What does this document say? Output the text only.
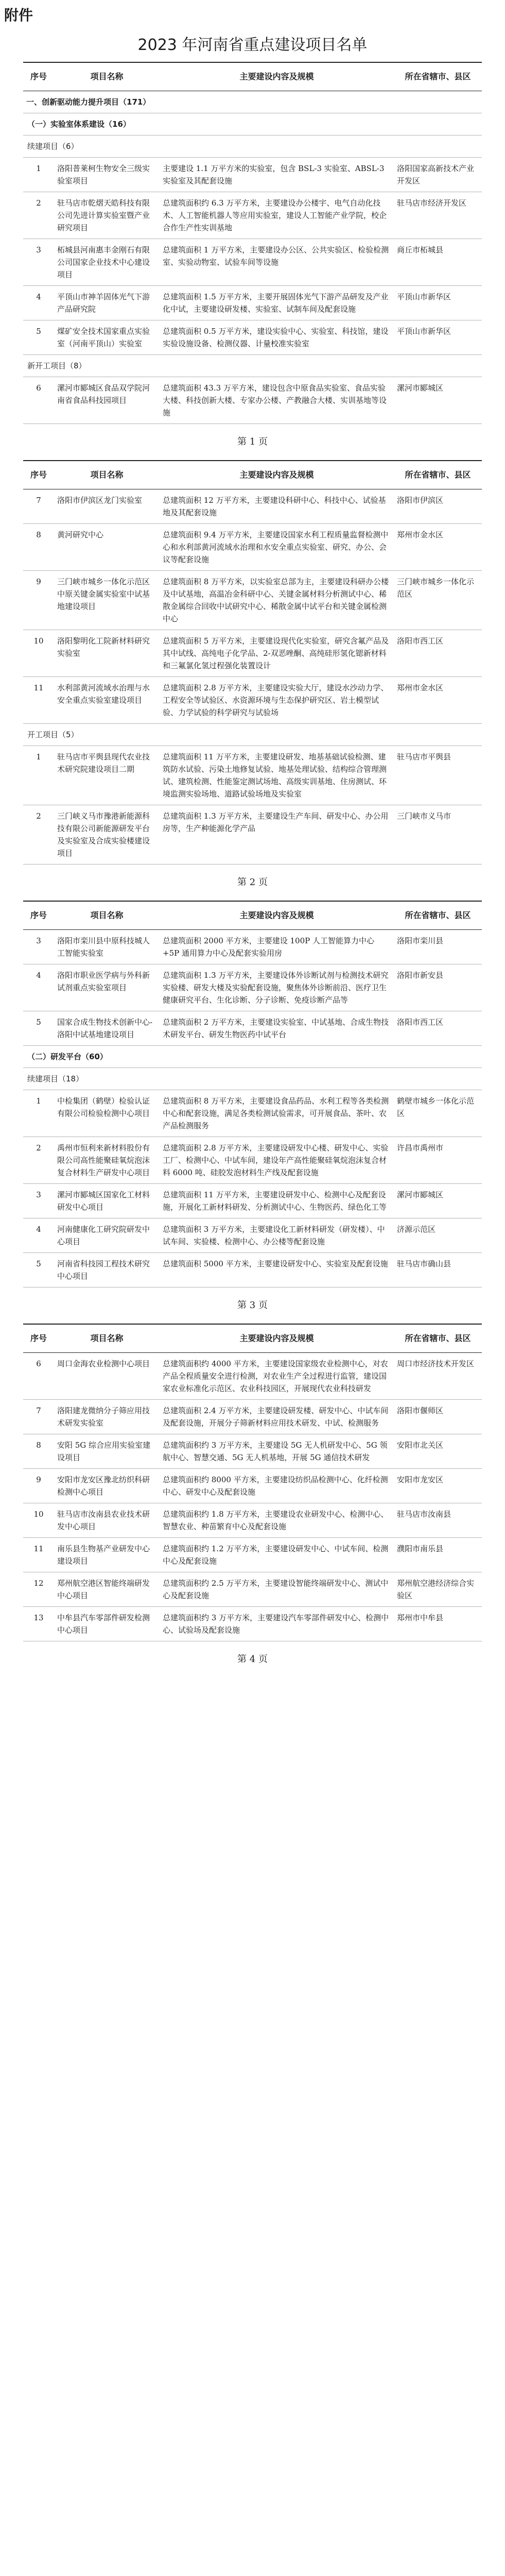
附件
2023 年河南省重点建设项目名单
序号	项目名称	主要建设内容及规模	所在省辖市、县区
一、创新驱动能力提升项目（171）			
（一）实验室体系建设（16）			
续建项目（6）			
1	洛阳普莱柯生物安全三级实验室项目	主要建设 1.1 万平方米的实验室，包含 BSL-3 实验室、ABSL-3 实验室及其配套设施	洛阳国家高新技术产业开发区
2	驻马店市乾熠天皓科技有限公司先进计算实验室暨产业研究项目	总建筑面积约 6.3 万平方米，主要建设办公楼宇、电气自动化技术、人工智能机器人等应用实验室，建设人工智能产业学院，校企合作生产性实训基地	驻马店市经济开发区
3	柘城县河南惠丰金刚石有限公司国家企业技术中心建设项目	总建筑面积 1 万平方米，主要建设办公区、公共实验区、检验检测室、实验动物室、试验车间等设施	商丘市柘城县
4	平顶山市神羊固体光气下游产品研究院	总建筑面积 1.5 万平方米，主要开展固体光气下游产品研发及产业化中试，主要建设研发楼、实验室、试制车间及配套设施	平顶山市新华区
5	煤矿安全技术国家重点实验室（河南平顶山）实验室	总建筑面积 0.5 万平方米，建设实验中心、实验室、科技馆，建设实验设施设备、检测仪器、计量校准实验室	平顶山市新华区
新开工项目（8）			
6	漯河市郾城区食品双学院河南省食品科技园项目	总建筑面积 43.3 万平方米，建设包含中原食品实验室、食品实验大楼、科技创新大楼、专家办公楼、产教融合大楼、实训基地等设施	漯河市郾城区
第 1 页
序号	项目名称	主要建设内容及规模	所在省辖市、县区
7	洛阳市伊滨区龙门实验室	总建筑面积 12 万平方米，主要建设科研中心、科技中心、试验基地及其配套设施	洛阳市伊滨区
8	黄河研究中心	总建筑面积 9.4 万平方米，主要建设国家水利工程质量监督检测中心和水利部黄河流域水治理和水安全重点实验室、研究、办公、会议等配套设施	郑州市金水区
9	三门峡市城乡一体化示范区中原关键金属实验室中试基地建设项目	总建筑面积 8 万平方米，以实验室总部为主，主要建设科研办公楼及中试基地，高温冶金科研中心、关键金属材料分析测试中心、稀散金属综合回收中试研究中心、稀散金属中试平台和关键金属检测中心	三门峡市城乡一体化示范区
10	洛阳黎明化工院新材料研究实验室	总建筑面积 5 万平方米，主要建设现代化实验室，研究含氟产品及其中试线、高纯电子化学品、2-双恶唑酮、高纯硅形氢化锶新材料和三氟氯化氢过程强化装置设计	洛阳市西工区
11	水利部黄河流域水治理与水安全重点实验室建设项目	总建筑面积 2.8 万平方米，主要建设实验大厅，建设水沙动力学、工程安全等试验区、水资源环境与生态保护研究区、岩土模型试验、力学试验的科学研究与试验场	郑州市金水区
开工项目（5）			
1	驻马店市平舆县现代农业技术研究院建设项目二期	总建筑面积 11 万平方米，主要建设研发、地基基础试验检测、建筑防水试验、污染土地修复试验、地基处理试验、结构综合管理测试、建筑检测、性能鉴定测试场地、高级实训基地、住房测试、环境监测实验场地、道路试验场地及实验室	驻马店市平舆县
2	三门峡义马市豫港新能源科技有限公司新能源研发平台及实验室及合成实验楼建设项目	总建筑面积 1.3 万平方米，主要建设生产车间、研发中心、办公用房等，生产种能源化学产品	三门峡市义马市
第 2 页
序号	项目名称	主要建设内容及规模	所在省辖市、县区
3	洛阳市栾川县中原科技城人工智能实验室	总建筑面积 2000 平方米，主要建设 100P 人工智能算力中心+5P 通用算力中心及配套实验用房	洛阳市栾川县
4	洛阳市职业医学病与外科新试剂重点实验室项目	总建筑面积 1.3 万平方米，主要建设体外诊断试剂与检测技术研究实验楼、研发大楼及实验配套设施，聚焦体外诊断前沿、医疗卫生健康研究平台、生化诊断、分子诊断、免疫诊断产品等	洛阳市新安县
5	国家合成生物技术创新中心-洛阳中试基地建设项目	总建筑面积 2 万平方米，主要建设实验室、中试基地、合成生物技术研发平台、研发生物医药中试平台	洛阳市西工区
（二）研发平台（60）			
续建项目（18）			
1	中检集团（鹤壁）检验认证有限公司检验检测中心项目	总建筑面积 8 万平方米，主要建设食品药品、水利工程等各类检测中心和配套设施，满足各类检测试验需求，可开展食品、茶叶、农产品检测服务	鹤壁市城乡一体化示范区
2	禹州市恒利来新材料股份有限公司高性能聚硅氧烷泡沫复合材料生产研发中心项目	总建筑面积 2.8 万平方米，主要建设研发中心楼、研发中心、实验工厂、检测中心、中试车间，建设年产高性能聚硅氧烷泡沫复合材料 6000 吨、硅胶发泡材料生产线及配套设施	许昌市禹州市
3	漯河市郾城区国家化工材料研发中心项目	总建筑面积 11 万平方米，主要建设研发中心、检测中心及配套设施，开展化工新材料研发、分析测试中心、生物医药、绿色化工等	漯河市郾城区
4	河南健康化工研究院研发中心项目	总建筑面积 3 万平方米，主要建设化工新材料研发（研发楼）、中试车间、实验楼、检测中心、办公楼等配套设施	济源示范区
5	河南省科技园工程技术研究中心项目	总建筑面积 5000 平方米，主要建设研发中心、实验室及配套设施	驻马店市确山县
第 3 页
序号	项目名称	主要建设内容及规模	所在省辖市、县区
6	周口金海农业检测中心项目	总建筑面积约 4000 平方米，主要建设国家级农业检测中心，对农产品全程质量安全进行检测，对农业生产全过程进行监管，建设国家农业标准化示范区、农业科技园区，开展现代农业科技研发	周口市经济技术开发区
7	洛阳建龙微纳分子筛应用技术研发实验室	总建筑面积 2.4 万平方米，主要建设研发楼、研发中心、中试车间及配套设施，开展分子筛新材料应用技术研发、中试、检测服务	洛阳市偃师区
8	安阳 5G 综合应用实验室建设项目	总建筑面积约 3 万平方米，主要建设 5G 无人机研发中心、5G 领航中心、智慧交通、5G 无人机基地，开展 5G 通信技术研发	安阳市北关区
9	安阳市龙安区豫北纺织科研检测中心项目	总建筑面积约 8000 平方米，主要建设纺织品检测中心、化纤检测中心、研发中心及配套设施	安阳市龙安区
10	驻马店市汝南县农业技术研发中心项目	总建筑面积约 1.8 万平方米，主要建设农业研发中心、检测中心、智慧农业、种苗繁育中心及配套设施	驻马店市汝南县
11	南乐县生物基产业研发中心建设项目	总建筑面积约 1.2 万平方米，主要建设研发中心、中试车间、检测中心及配套设施	濮阳市南乐县
12	郑州航空港区智能终端研发中心项目	总建筑面积约 2.5 万平方米，主要建设智能终端研发中心、测试中心及配套设施	郑州航空港经济综合实验区
13	中牟县汽车零部件研发检测中心项目	总建筑面积约 3 万平方米，主要建设汽车零部件研发中心、检测中心、试验场及配套设施	郑州市中牟县
第 4 页
